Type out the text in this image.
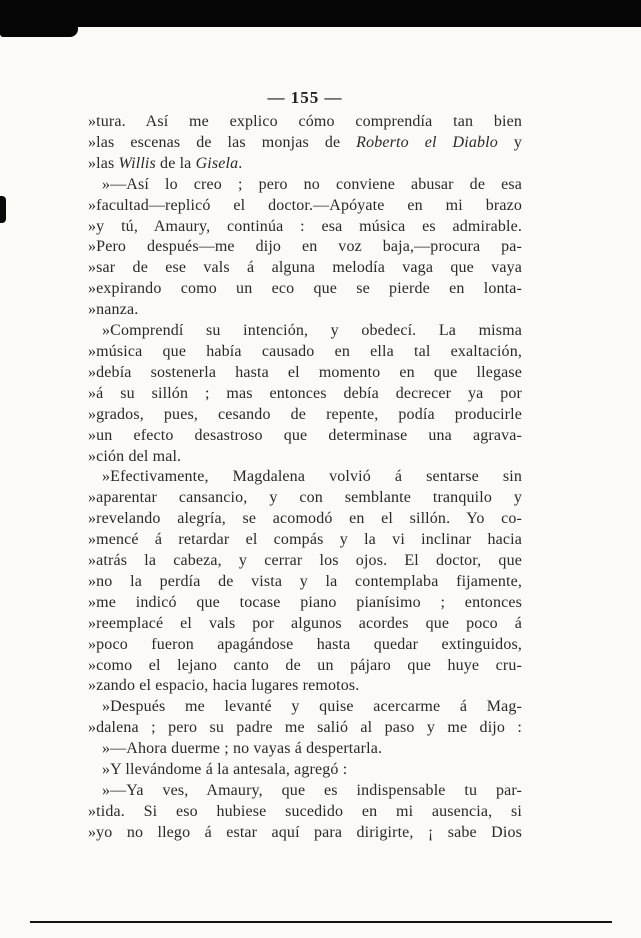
— 155 —
»tura. Así me explico cómo comprendía tan bien
»las escenas de las monjas de Roberto el Diablo y
»las Willis de la Gisela.
»—Así lo creo ; pero no conviene abusar de esa
»facultad—replicó el doctor.—Apóyate en mi brazo
»y tú, Amaury, continúa : esa música es admirable.
»Pero después—me dijo en voz baja,—procura pa-
»sar de ese vals á alguna melodía vaga que vaya
»expirando como un eco que se pierde en lonta-
»nanza.
»Comprendí su intención, y obedecí. La misma
»música que había causado en ella tal exaltación,
»debía sostenerla hasta el momento en que llegase
»á su sillón ; mas entonces debía decrecer ya por
»grados, pues, cesando de repente, podía producirle
»un efecto desastroso que determinase una agrava-
»ción del mal.
»Efectivamente, Magdalena volvió á sentarse sin
»aparentar cansancio, y con semblante tranquilo y
»revelando alegría, se acomodó en el sillón. Yo co-
»mencé á retardar el compás y la vi inclinar hacia
»atrás la cabeza, y cerrar los ojos. El doctor, que
»no la perdía de vista y la contemplaba fijamente,
»me indicó que tocase piano pianísimo ; entonces
»reemplacé el vals por algunos acordes que poco á
»poco fueron apagándose hasta quedar extinguidos,
»como el lejano canto de un pájaro que huye cru-
»zando el espacio, hacia lugares remotos.
»Después me levanté y quise acercarme á Mag-
»dalena ; pero su padre me salió al paso y me dijo :
»—Ahora duerme ; no vayas á despertarla.
»Y llevándome á la antesala, agregó :
»—Ya ves, Amaury, que es indispensable tu par-
»tida. Si eso hubiese sucedido en mi ausencia, si
»yo no llego á estar aquí para dirigirte, ¡ sabe Dios
